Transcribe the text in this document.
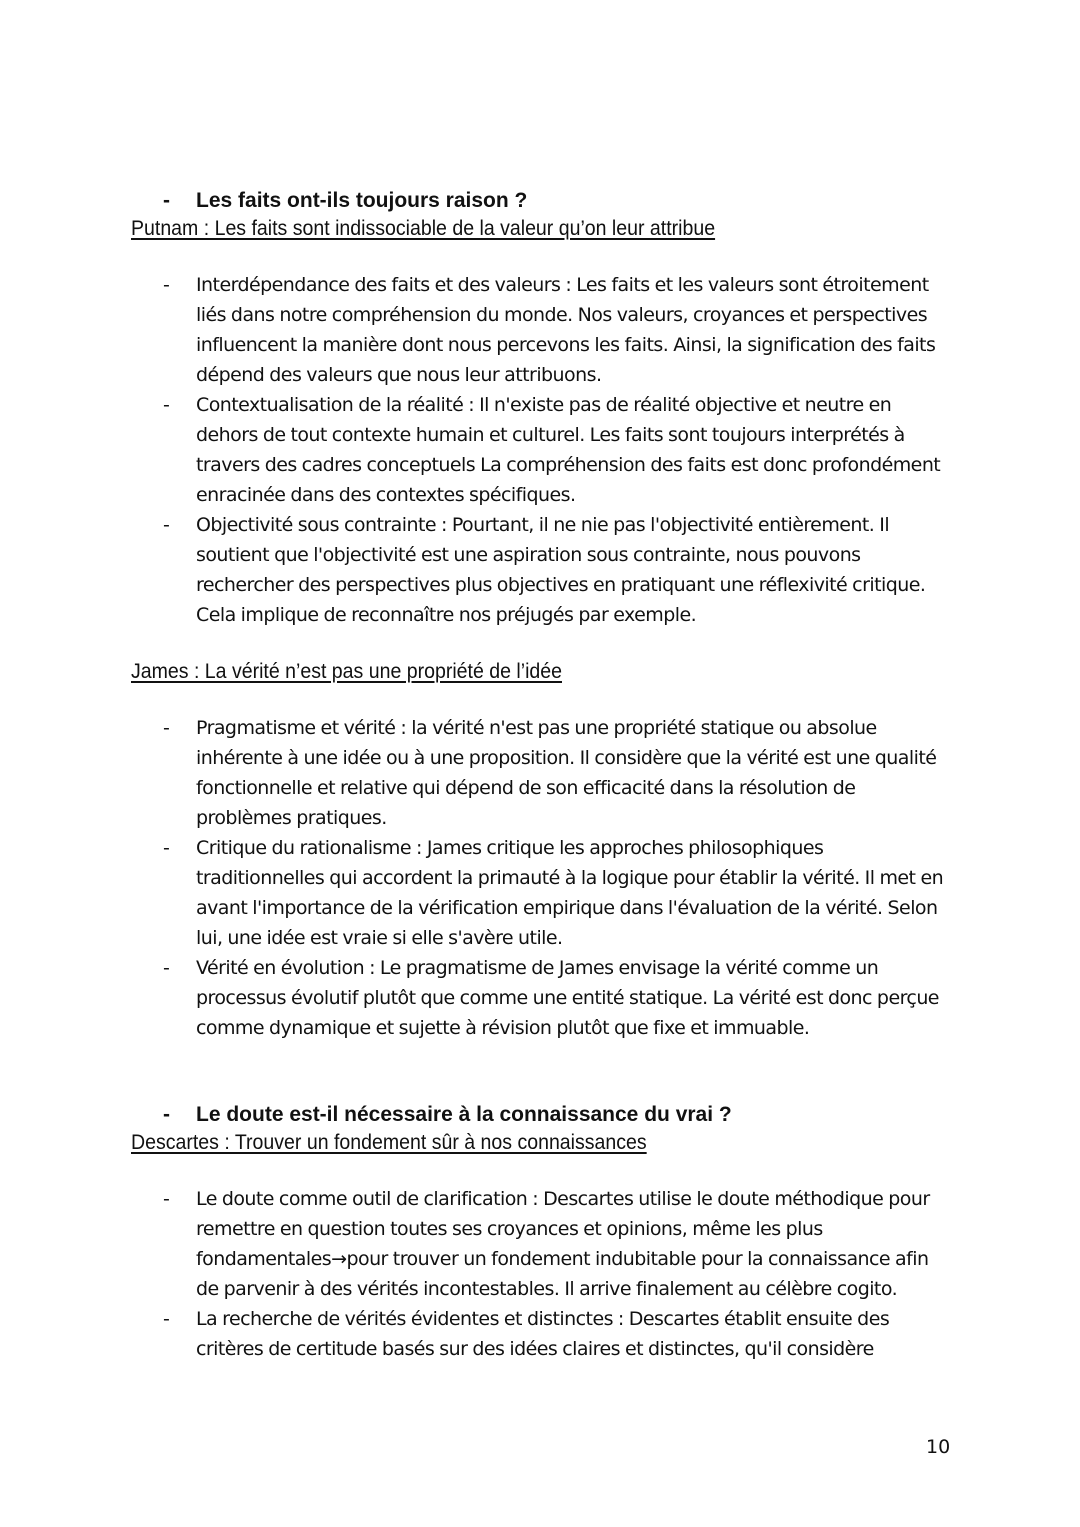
- Les faits ont-ils toujours raison ?
Putnam : Les faits sont indissociable de la valeur qu’on leur attribue
- Interdépendance des faits et des valeurs : Les faits et les valeurs sont étroitement liés dans notre compréhension du monde. Nos valeurs, croyances et perspectives influencent la manière dont nous percevons les faits. Ainsi, la signification des faits dépend des valeurs que nous leur attribuons.
- Contextualisation de la réalité : Il n'existe pas de réalité objective et neutre en dehors de tout contexte humain et culturel. Les faits sont toujours interprétés à travers des cadres conceptuels La compréhension des faits est donc profondément enracinée dans des contextes spécifiques.
- Objectivité sous contrainte : Pourtant, il ne nie pas l'objectivité entièrement. Il soutient que l'objectivité est une aspiration sous contrainte, nous pouvons rechercher des perspectives plus objectives en pratiquant une réflexivité critique. Cela implique de reconnaître nos préjugés par exemple.
James : La vérité n’est pas une propriété de l’idée
- Pragmatisme et vérité : la vérité n'est pas une propriété statique ou absolue inhérente à une idée ou à une proposition. Il considère que la vérité est une qualité fonctionnelle et relative qui dépend de son efficacité dans la résolution de problèmes pratiques.
- Critique du rationalisme : James critique les approches philosophiques traditionnelles qui accordent la primauté à la logique pour établir la vérité. Il met en avant l'importance de la vérification empirique dans l'évaluation de la vérité. Selon lui, une idée est vraie si elle s'avère utile.
- Vérité en évolution : Le pragmatisme de James envisage la vérité comme un processus évolutif plutôt que comme une entité statique. La vérité est donc perçue comme dynamique et sujette à révision plutôt que fixe et immuable.
- Le doute est-il nécessaire à la connaissance du vrai ?
Descartes : Trouver un fondement sûr à nos connaissances
- Le doute comme outil de clarification : Descartes utilise le doute méthodique pour remettre en question toutes ses croyances et opinions, même les plus fondamentales→pour trouver un fondement indubitable pour la connaissance afin de parvenir à des vérités incontestables. Il arrive finalement au célèbre cogito.
- La recherche de vérités évidentes et distinctes : Descartes établit ensuite des critères de certitude basés sur des idées claires et distinctes, qu'il considère
10
